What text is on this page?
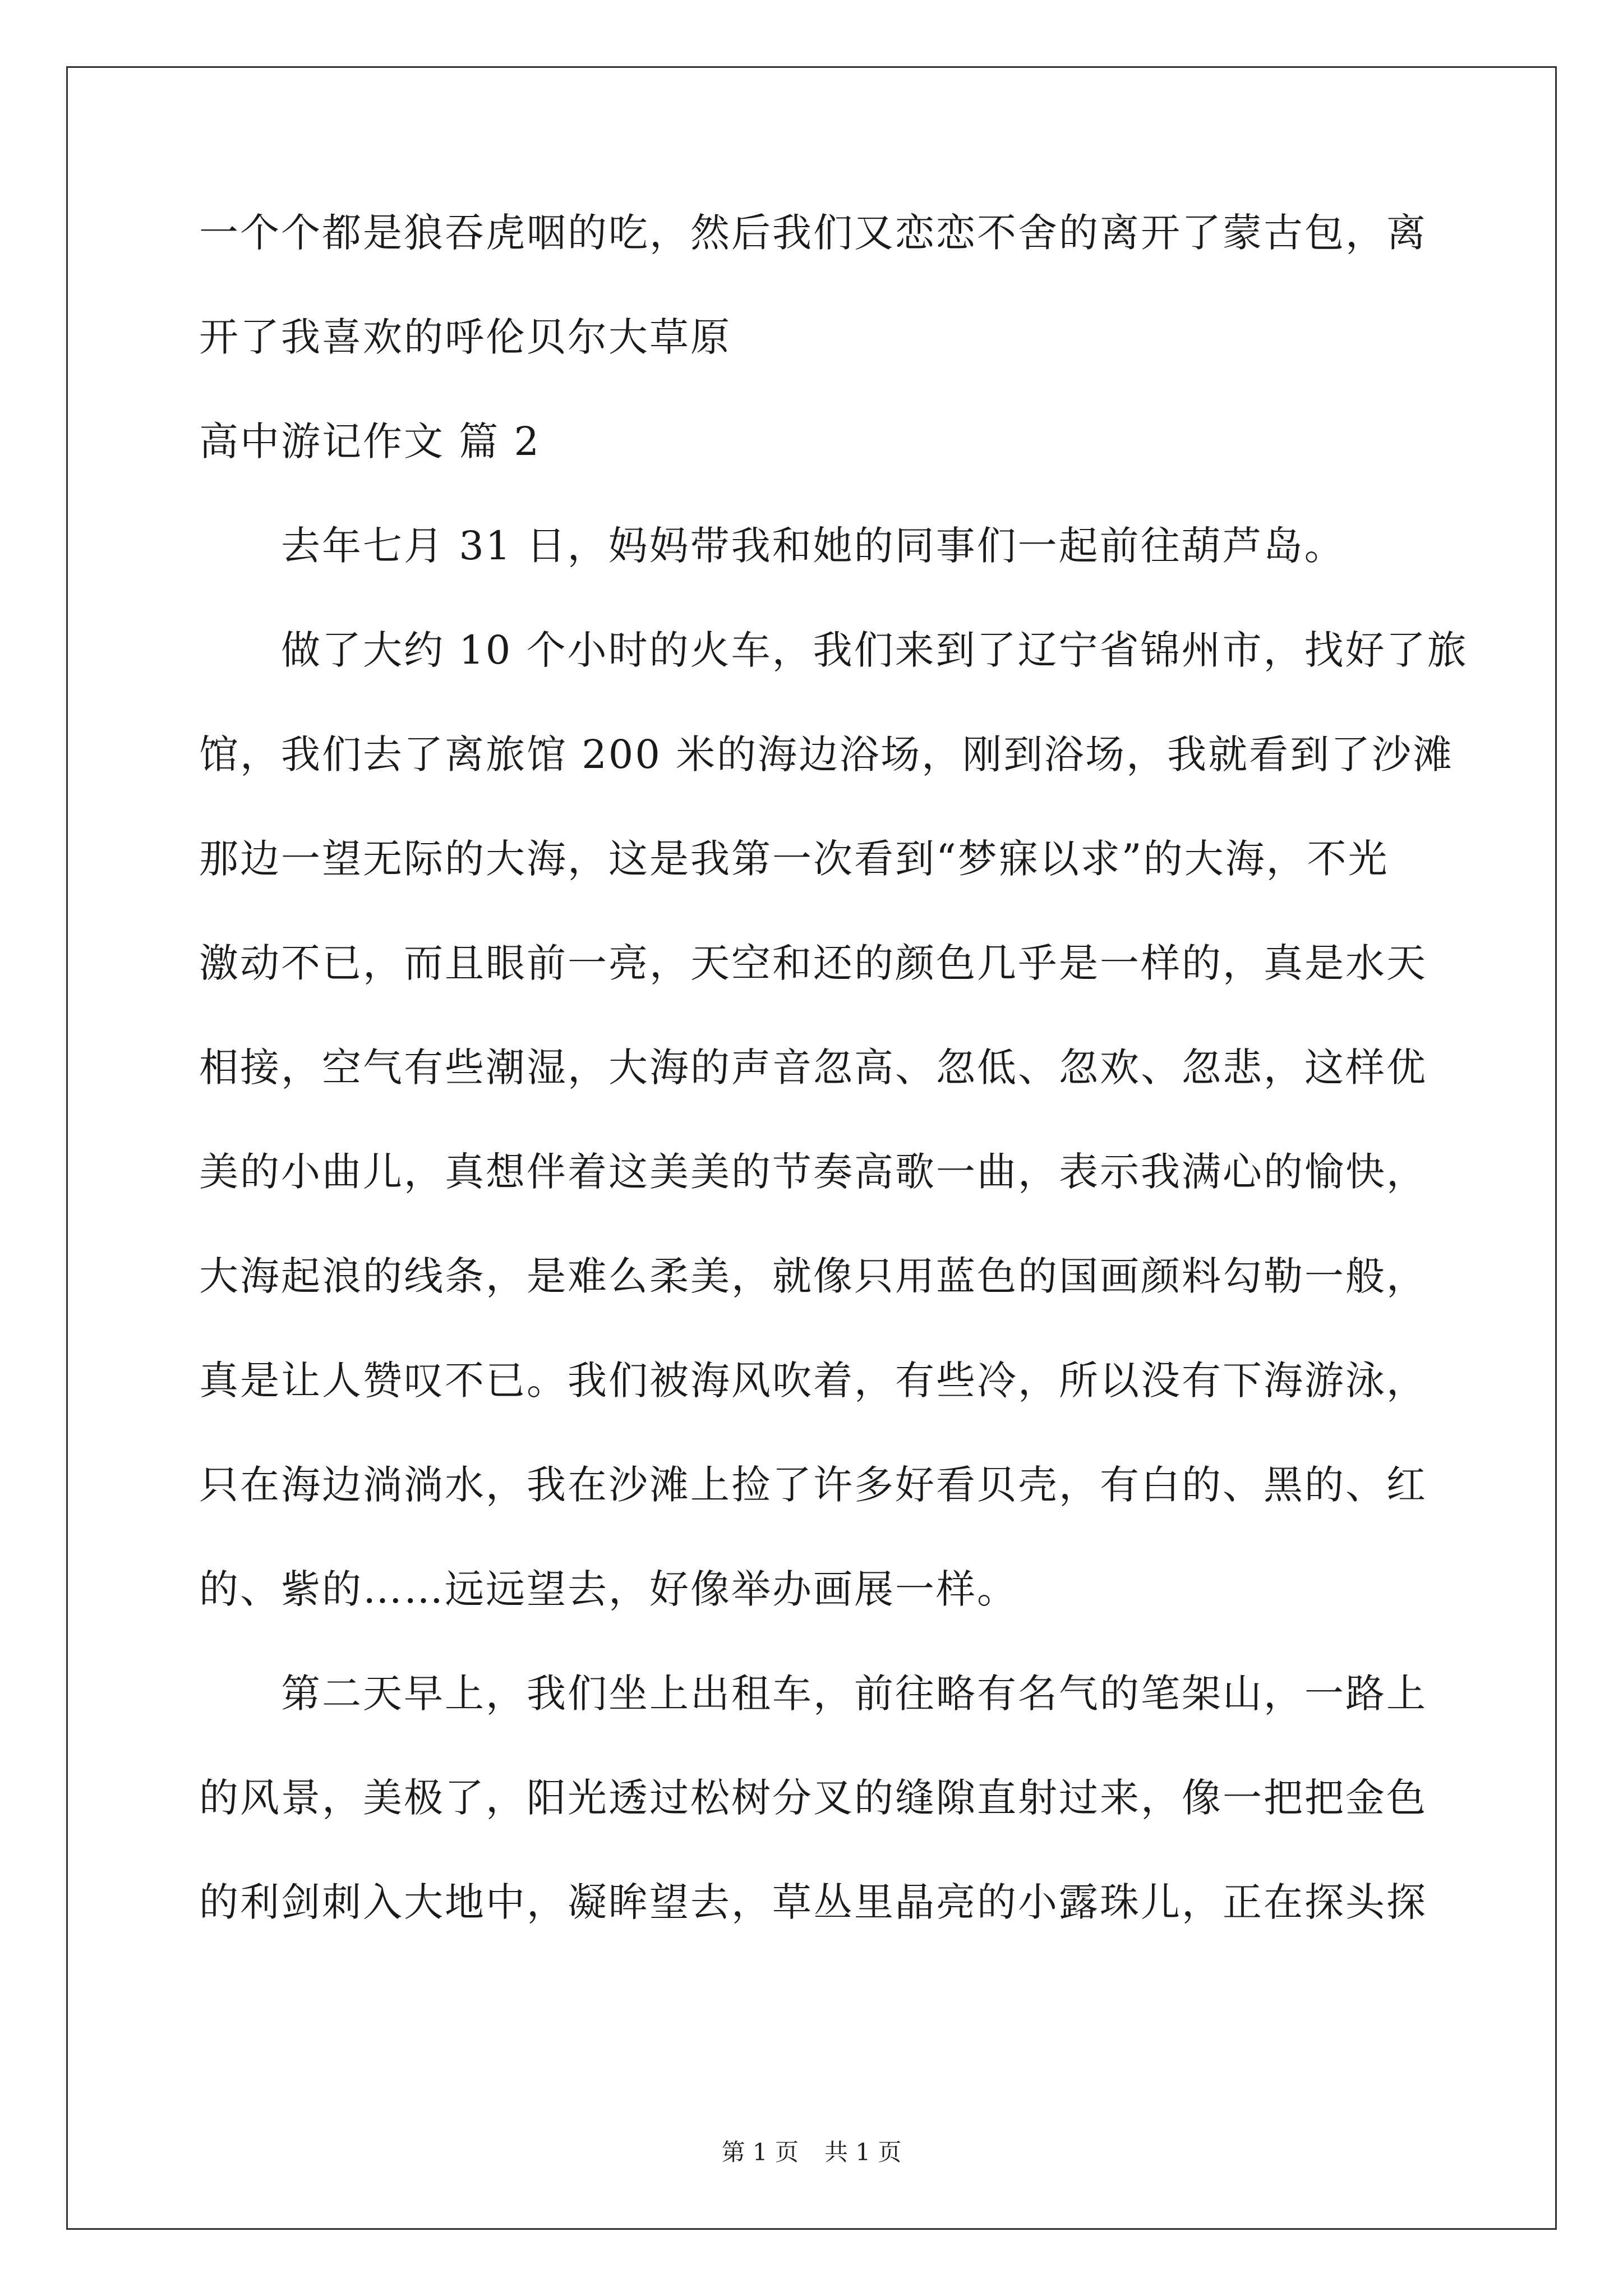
一个个都是狼吞虎咽的吃，然后我们又恋恋不舍的离开了蒙古包，离
开了我喜欢的呼伦贝尔大草原
高中游记作文 篇 2
去年七月 31 日，妈妈带我和她的同事们一起前往葫芦岛。
做了大约 10 个小时的火车，我们来到了辽宁省锦州市，找好了旅
馆，我们去了离旅馆 200 米的海边浴场，刚到浴场，我就看到了沙滩
那边一望无际的大海，这是我第一次看到“梦寐以求”的大海，不光
激动不已，而且眼前一亮，天空和还的颜色几乎是一样的，真是水天
相接，空气有些潮湿，大海的声音忽高、忽低、忽欢、忽悲，这样优
美的小曲儿，真想伴着这美美的节奏高歌一曲，表示我满心的愉快，
大海起浪的线条，是难么柔美，就像只用蓝色的国画颜料勾勒一般，
真是让人赞叹不已。我们被海风吹着，有些冷，所以没有下海游泳，
只在海边淌淌水，我在沙滩上捡了许多好看贝壳，有白的、黑的、红
的、紫的……远远望去，好像举办画展一样。
第二天早上，我们坐上出租车，前往略有名气的笔架山，一路上
的风景，美极了，阳光透过松树分叉的缝隙直射过来，像一把把金色
的利剑刺入大地中，凝眸望去，草丛里晶亮的小露珠儿，正在探头探
第 1 页 共 1 页
